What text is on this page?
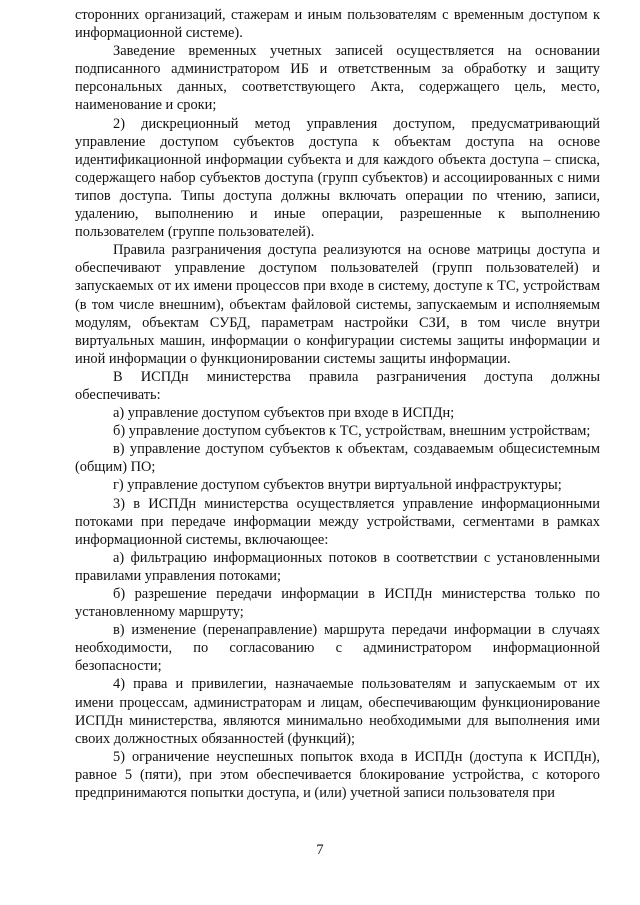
сторонних организаций, стажерам и иным пользователям с временным доступом к информационной системе).

Заведение временных учетных записей осуществляется на основании подписанного администратором ИБ и ответственным за обработку и защиту персональных данных, соответствующего Акта, содержащего цель, место, наименование и сроки;

2) дискреционный метод управления доступом, предусматривающий управление доступом субъектов доступа к объектам доступа на основе идентификационной информации субъекта и для каждого объекта доступа – списка, содержащего набор субъектов доступа (групп субъектов) и ассоциированных с ними типов доступа. Типы доступа должны включать операции по чтению, записи, удалению, выполнению и иные операции, разрешенные к выполнению пользователем (группе пользователей).

Правила разграничения доступа реализуются на основе матрицы доступа и обеспечивают управление доступом пользователей (групп пользователей) и запускаемых от их имени процессов при входе в систему, доступе к ТС, устройствам (в том числе внешним), объектам файловой системы, запускаемым и исполняемым модулям, объектам СУБД, параметрам настройки СЗИ, в том числе внутри виртуальных машин, информации о конфигурации системы защиты информации и иной информации о функционировании системы защиты информации.

В ИСПДн министерства правила разграничения доступа должны обеспечивать:

а) управление доступом субъектов при входе в ИСПДн;

б) управление доступом субъектов к ТС, устройствам, внешним устройствам;

в) управление доступом субъектов к объектам, создаваемым общесистемным (общим) ПО;

г) управление доступом субъектов внутри виртуальной инфраструктуры;

3) в ИСПДн министерства осуществляется управление информационными потоками при передаче информации между устройствами, сегментами в рамках информационной системы, включающее:

а) фильтрацию информационных потоков в соответствии с установленными правилами управления потоками;

б) разрешение передачи информации в ИСПДн министерства только по установленному маршруту;

в) изменение (перенаправление) маршрута передачи информации в случаях необходимости, по согласованию с администратором информационной безопасности;

4) права и привилегии, назначаемые пользователям и запускаемым от их имени процессам, администраторам и лицам, обеспечивающим функционирование ИСПДн министерства, являются минимально необходимыми для выполнения ими своих должностных обязанностей (функций);

5) ограничение неуспешных попыток входа в ИСПДн (доступа к ИСПДн), равное 5 (пяти), при этом обеспечивается блокирование устройства, с которого предпринимаются попытки доступа, и (или) учетной записи пользователя при

7
